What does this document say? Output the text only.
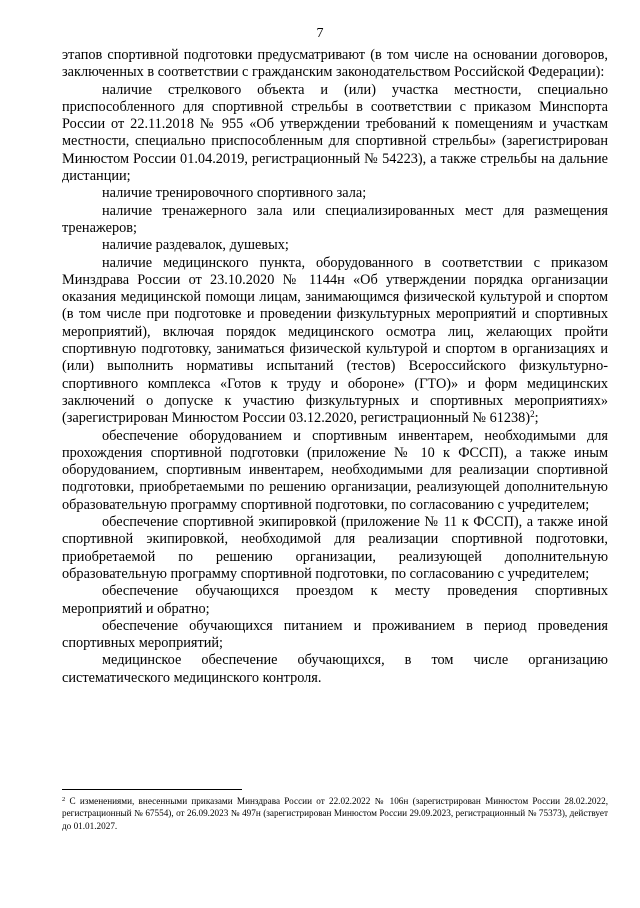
7

этапов спортивной подготовки предусматривают (в том числе на основании договоров, заключенных в соответствии с гражданским законодательством Российской Федерации):

наличие стрелкового объекта и (или) участка местности, специально приспособленного для спортивной стрельбы в соответствии с приказом Минспорта России от 22.11.2018 № 955 «Об утверждении требований к помещениям и участкам местности, специально приспособленным для спортивной стрельбы» (зарегистрирован Минюстом России 01.04.2019, регистрационный № 54223), а также стрельбы на дальние дистанции;

наличие тренировочного спортивного зала;

наличие тренажерного зала или специализированных мест для размещения тренажеров;

наличие раздевалок, душевых;

наличие медицинского пункта, оборудованного в соответствии с приказом Минздрава России от 23.10.2020 № 1144н «Об утверждении порядка организации оказания медицинской помощи лицам, занимающимся физической культурой и спортом (в том числе при подготовке и проведении физкультурных мероприятий и спортивных мероприятий), включая порядок медицинского осмотра лиц, желающих пройти спортивную подготовку, заниматься физической культурой и спортом в организациях и (или) выполнить нормативы испытаний (тестов) Всероссийского физкультурно-спортивного комплекса «Готов к труду и обороне» (ГТО)» и форм медицинских заключений о допуске к участию физкультурных и спортивных мероприятиях» (зарегистрирован Минюстом России 03.12.2020, регистрационный № 61238)$^2$;

обеспечение оборудованием и спортивным инвентарем, необходимыми для прохождения спортивной подготовки (приложение № 10 к ФССП), а также иным оборудованием, спортивным инвентарем, необходимыми для реализации спортивной подготовки, приобретаемыми по решению организации, реализующей дополнительную образовательную программу спортивной подготовки, по согласованию с учредителем;

обеспечение спортивной экипировкой (приложение № 11 к ФССП), а также иной спортивной экипировкой, необходимой для реализации спортивной подготовки, приобретаемой по решению организации, реализующей дополнительную образовательную программу спортивной подготовки, по согласованию с учредителем;

обеспечение обучающихся проездом к месту проведения спортивных мероприятий и обратно;

обеспечение обучающихся питанием и проживанием в период проведения спортивных мероприятий;

медицинское обеспечение обучающихся, в том числе организацию систематического медицинского контроля.

$^2$ С изменениями, внесенными приказами Минздрава России от 22.02.2022 № 106н (зарегистрирован Минюстом России 28.02.2022, регистрационный № 67554), от 26.09.2023 № 497н (зарегистрирован Минюстом России 29.09.2023, регистрационный № 75373), действует до 01.01.2027.
